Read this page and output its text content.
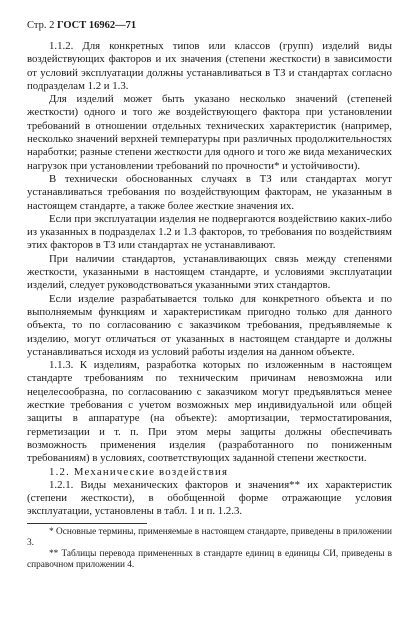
Стр. 2 ГОСТ 16962—71

1.1.2. Для конкретных типов или классов (групп) изделий виды воздействующих факторов и их значения (степени жесткости) в зависимости от условий эксплуатации должны устанавливаться в ТЗ и стандартах согласно подразделам 1.2 и 1.3.

Для изделий может быть указано несколько значений (степеней жесткости) одного и того же воздействующего фактора при установлении требований в отношении отдельных технических характеристик (например, несколько значений верхней температуры при различных продолжительностях наработки; разные степени жесткости для одного и того же вида механических нагрузок при установлении требований по прочности* и устойчивости).

В технически обоснованных случаях в ТЗ или стандартах могут устанавливаться требования по воздействующим факторам, не указанным в настоящем стандарте, а также более жесткие значения их.

Если при эксплуатации изделия не подвергаются воздействию каких-либо из указанных в подразделах 1.2 и 1.3 факторов, то требования по воздействиям этих факторов в ТЗ или стандартах не устанавливают.

При наличии стандартов, устанавливающих связь между степенями жесткости, указанными в настоящем стандарте, и условиями эксплуатации изделий, следует руководствоваться указанными этих стандартов.

Если изделие разрабатывается только для конкретного объекта и по выполняемым функциям и характеристикам пригодно только для данного объекта, то по согласованию с заказчиком требования, предъявляемые к изделию, могут отличаться от указанных в настоящем стандарте и должны устанавливаться исходя из условий работы изделия на данном объекте.

1.1.3. К изделиям, разработка которых по изложенным в настоящем стандарте требованиям по техническим причинам невозможна или нецелесообразна, по согласованию с заказчиком могут предъявляться менее жесткие требования с учетом возможных мер индивидуальной или общей защиты в аппаратуре (на объекте): амортизации, термостатирования, герметизации и т. п. При этом меры защиты должны обеспечивать возможность применения изделия (разработанного по пониженным требованиям) в условиях, соответствующих заданной степени жесткости.

1.2. Механические воздействия

1.2.1. Виды механических факторов и значения** их характеристик (степени жесткости), в обобщенной форме отражающие условия эксплуатации, установлены в табл. 1 и п. 1.2.3.

* Основные термины, применяемые в настоящем стандарте, приведены в приложении 3.

** Таблицы перевода примененных в стандарте единиц в единицы СИ, приведены в справочном приложении 4.
